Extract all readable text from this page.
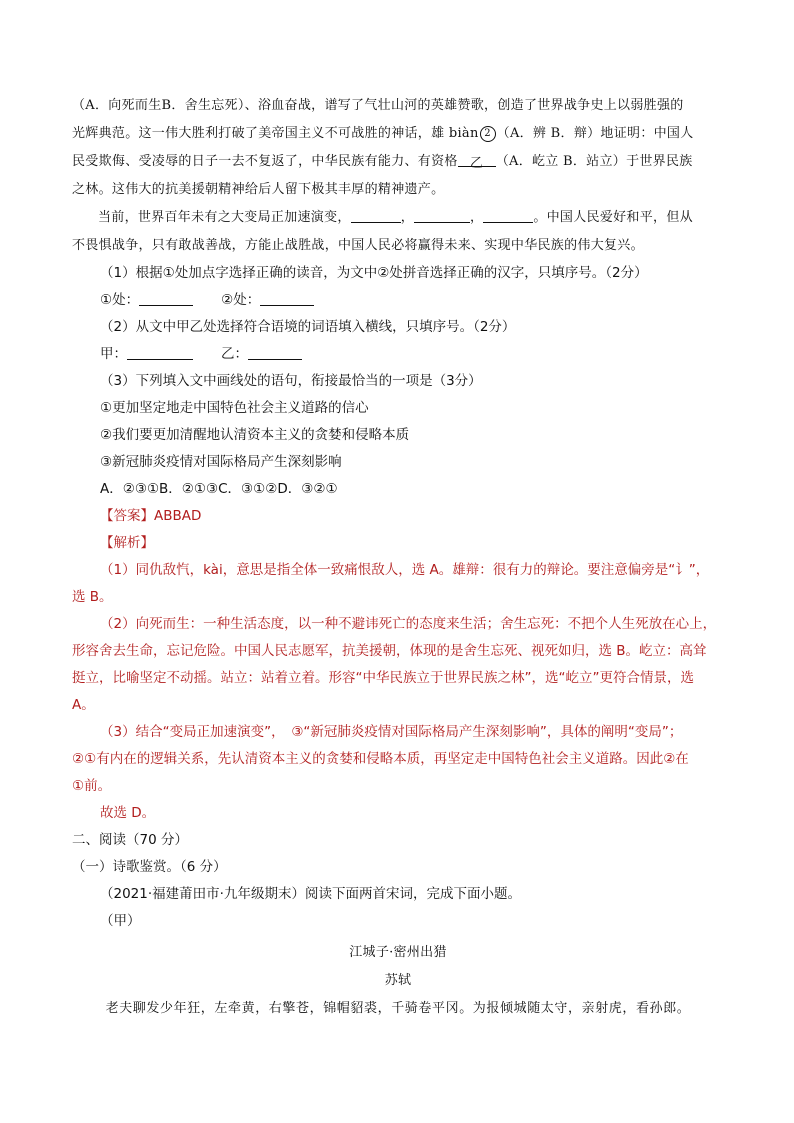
（A．向死而生B．舍生忘死）、浴血奋战，谱写了气壮山河的英雄赞歌，创造了世界战争史上以弱胜强的

光辉典范。这一伟大胜利打破了美帝国主义不可战胜的神话，雄 biàn 2 （A．辨 B．辩）地证明：中国人

民受欺侮、受凌辱的日子一去不复返了，中华民族有能力、有资格 乙 （A．屹立 B．站立）于世界民族

之林。这伟大的抗美援朝精神给后人留下极其丰厚的精神遗产。

当前，世界百年未有之大变局正加速演变，	，	，	。中国人民爱好和平，但从

不畏惧战争，只有敢战善战，方能止战胜战，中国人民必将赢得未来、实现中华民族的伟大复兴。

（1）根据①处加点字选择正确的读音，为文中②处拼音选择正确的汉字，只填序号。（2分）

①处：	②处：

（2）从文中甲乙处选择符合语境的词语填入横线，只填序号。（2分）

甲：	乙：

（3）下列填入文中画线处的语句，衔接最恰当的一项是（3分）

①更加坚定地走中国特色社会主义道路的信心

②我们要更加清醒地认清资本主义的贪婪和侵略本质

③新冠肺炎疫情对国际格局产生深刻影响

A．②③①B．②①③C．③①②D．③②①

【答案】ABBAD

【解析】

（1）同仇敌忾，kài，意思是指全体一致痛恨敌人，选 A。雄辩：很有力的辩论。要注意偏旁是“讠”，

选 B。

（2）向死而生：一种生活态度，以一种不避讳死亡的态度来生活；舍生忘死：不把个人生死放在心上，

形容舍去生命，忘记危险。中国人民志愿军，抗美援朝，体现的是舍生忘死、视死如归，选 B。屹立：高耸

挺立，比喻坚定不动摇。站立：站着立着。形容“中华民族立于世界民族之林”，选“屹立”更符合情景，选

A。

（3）结合“变局正加速演变”，　③“新冠肺炎疫情对国际格局产生深刻影响”，具体的阐明“变局”；

②①有内在的逻辑关系，先认清资本主义的贪婪和侵略本质，再坚定走中国特色社会主义道路。因此②在

①前。

故选 D。

二、阅读（70 分）

（一）诗歌鉴赏。（6 分）

（2021·福建莆田市·九年级期末）阅读下面两首宋词，完成下面小题。

（甲）

江城子·密州出猎

苏轼

老夫聊发少年狂，左牵黄，右擎苍，锦帽貂裘，千骑卷平冈。为报倾城随太守，亲射虎，看孙郎。
